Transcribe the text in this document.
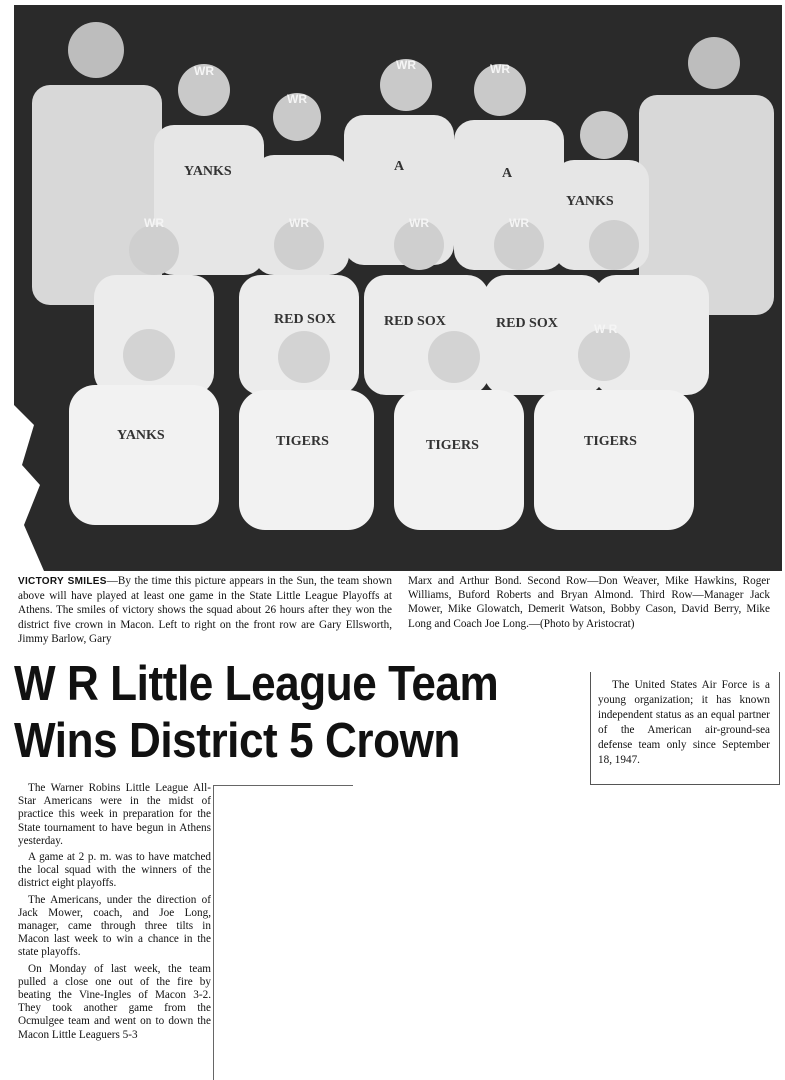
YANKS	A	A
YANKS
RED SOX	RED SOX	RED SOX
YANKS	TIGERS	TIGERS	TIGERS
WR
WR
WR	WR
WR	WR	WR	WR
W R
VICTORY SMILES—By the time this picture appears in the Sun, the team shown above will have played at least one game in the State Little League Playoffs at Athens. The smiles of victory shows the squad about 26 hours after they won the district five crown in Macon. Left to right on the front row are Gary Ellsworth, Jimmy Barlow, Gary
Marx and Arthur Bond. Second Row—Don Weaver, Mike Hawkins, Roger Williams, Buford Roberts and Bryan Almond. Third Row—Manager Jack Mower, Mike Glowatch, Demerit Watson, Bobby Cason, David Berry, Mike Long and Coach Joe Long.—(Photo by Aristocrat)
W R Little League Team
Wins District 5 Crown
The United States Air Force is a young organization; it has known independent status as an equal partner of the American air-ground-sea defense team only since September 18, 1947.

The Warner Robins Little League All-Star Americans were in the midst of practice this week in preparation for the State tournament to have begun in Athens yesterday.

A game at 2 p. m. was to have matched the local squad with the winners of the district eight playoffs.

The Americans, under the direction of Jack Mower, coach, and Joe Long, manager, came through three tilts in Macon last week to win a chance in the state playoffs.

On Monday of last week, the team pulled a close one out of the fire by beating the Vine-Ingles of Macon 3-2. They took another game from the Ocmulgee team and went on to down the Macon Little Leaguers 5-3
